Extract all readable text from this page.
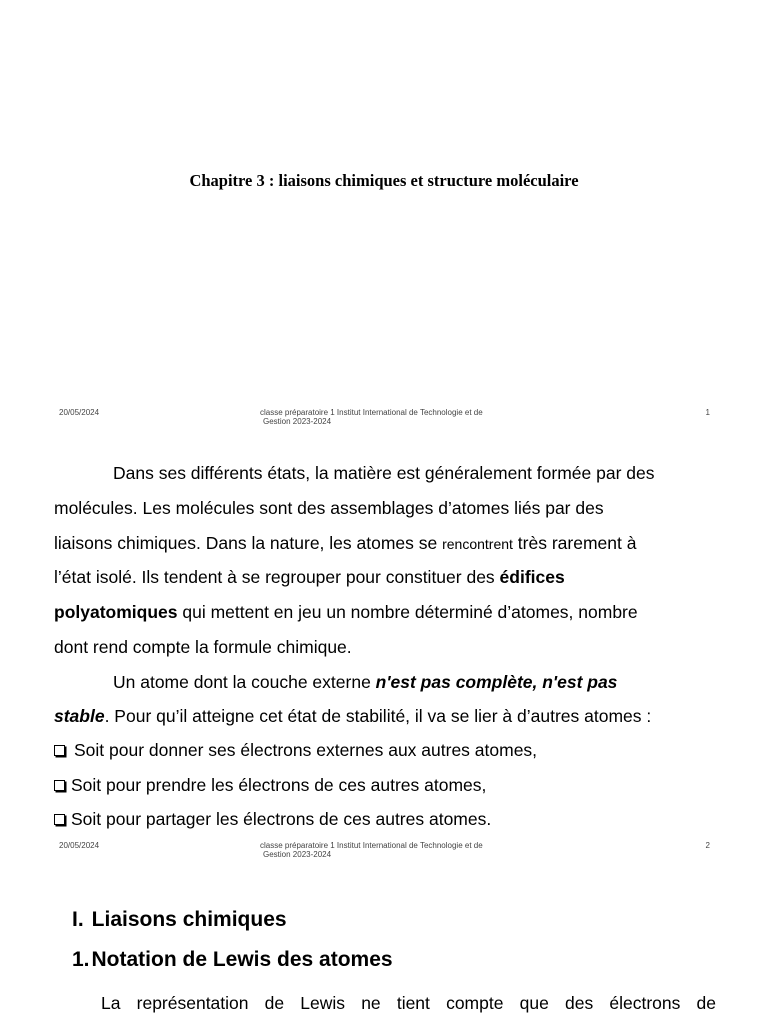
Chapitre 3 : liaisons chimiques et structure moléculaire
20/05/2024	classe préparatoire 1 Institut International de Technologie et de
Gestion 2023-2024
1
Dans ses différents états, la matière est généralement formée par des
molécules. Les molécules sont des assemblages d’atomes liés par des
liaisons chimiques. Dans la nature, les atomes se rencontrent très rarement à
l’état isolé. Ils tendent à se regrouper pour constituer des édifices
polyatomiques qui mettent en jeu un nombre déterminé d’atomes, nombre
dont rend compte la formule chimique.
Un atome dont la couche externe n'est pas complète, n'est pas
stable. Pour qu’il atteigne cet état de stabilité, il va se lier à d’autres atomes :
Soit pour donner ses électrons externes aux autres atomes,
Soit pour prendre les électrons de ces autres atomes,
Soit pour partager les électrons de ces autres atomes.
20/05/2024	classe préparatoire 1 Institut International de Technologie et de
Gestion 2023-2024
2
I. Liaisons chimiques
1.Notation de Lewis des atomes
La représentation de Lewis ne tient compte que des électrons de
